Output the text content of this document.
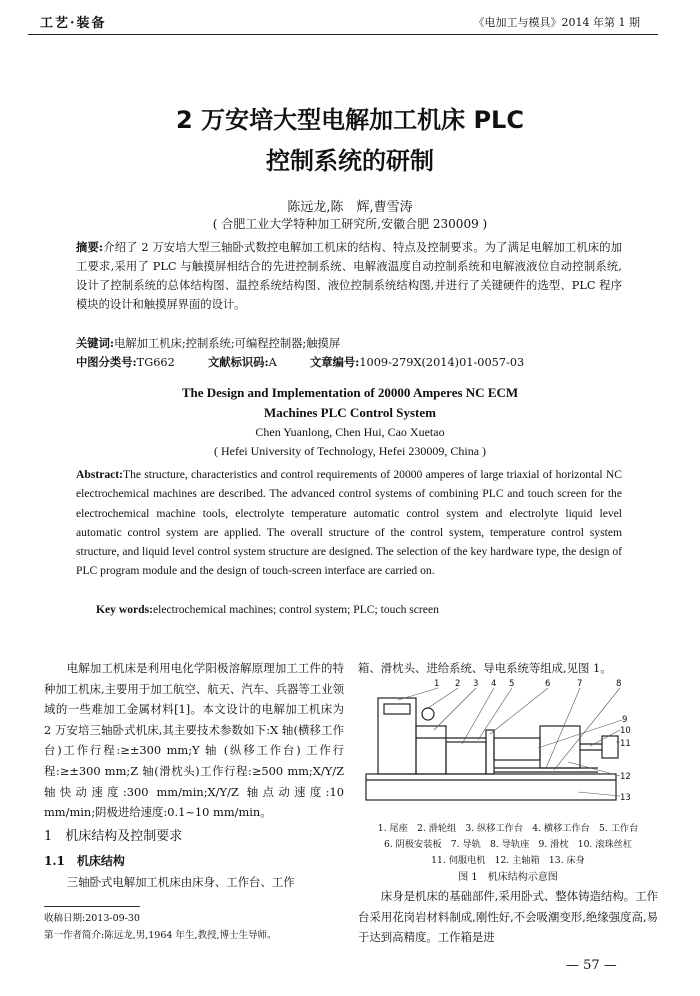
工艺·装备	《电加工与模具》2014 年第 1 期
2 万安培大型电解加工机床 PLC
控制系统的研制
陈远龙,陈　辉,曹雪涛
( 合肥工业大学特种加工研究所,安徽合肥 230009 )
摘要:介绍了 2 万安培大型三轴卧式数控电解加工机床的结构、特点及控制要求。为了满足电解加工机床的加工要求,采用了 PLC 与触摸屏相结合的先进控制系统、电解液温度自动控制系统和电解液液位自动控制系统,设计了控制系统的总体结构图、温控系统结构图、液位控制系统结构图,并进行了关键硬件的选型、PLC 程序模块的设计和触摸屏界面的设计。
关键词:电解加工机床;控制系统;可编程控制器;触摸屏
中图分类号:TG662	文献标识码:A	文章编号:1009-279X(2014)01-0057-03
The Design and Implementation of 20000 Amperes NC ECM
Machines PLC Control System
Chen Yuanlong, Chen Hui, Cao Xuetao
( Hefei University of Technology, Hefei 230009, China )
Abstract:The structure, characteristics and control requirements of 20000 amperes of large triaxial of horizontal NC electrochemical machines are described. The advanced control systems of combining PLC and touch screen for the electrochemical machine tools, electrolyte temperature automatic control system and electrolyte liquid level automatic control system are applied. The overall structure of the control system, temperature control system structure, and liquid level control system structure are designed. The selection of the key hardware type, the design of PLC program module and the design of touch-screen interface are carried on.
Key words:electrochemical machines; control system; PLC; touch screen
电解加工机床是利用电化学阳极溶解原理加工工件的特种加工机床,主要用于加工航空、航天、汽车、兵器等工业领域的一些难加工金属材料[1]。本文设计的电解加工机床为 2 万安培三轴卧式机床,其主要技术参数如下:X 轴(横移工作台)工作行程:≥±300 mm;Y 轴 (纵移工作台) 工作行程:≥±300 mm;Z 轴(滑枕头)工作行程:≥500 mm;X/Y/Z 轴快动速度:300 mm/min;X/Y/Z 轴点动速度:10 mm/min;阴极进给速度:0.1~10 mm/min。
1　机床结构及控制要求
1.1　机床结构
三轴卧式电解加工机床由床身、工作台、工作
收稿日期:2013-09-30
第一作者简介:陈远龙,男,1964 年生,教授,博士生导师。
箱、滑枕头、进给系统、导电系统等组成,见图 1。
1 2 3 4 5	6	7	8
9
10
11
12
13
1. 尾座　2. 滑轮组　3. 纵移工作台　4. 横移工作台　5. 工作台
6. 阴极安装板　7. 导轨　8. 导轨座　9. 滑枕　10. 滚珠丝杠
11. 伺服电机　12. 主轴箱　13. 床身
图 1　机床结构示意图
床身是机床的基础部件,采用卧式、整体铸造结构。工作台采用花岗岩材料制成,刚性好,不会吸潮变形,绝缘强度高,易于达到高精度。工作箱是进
— 57 —
